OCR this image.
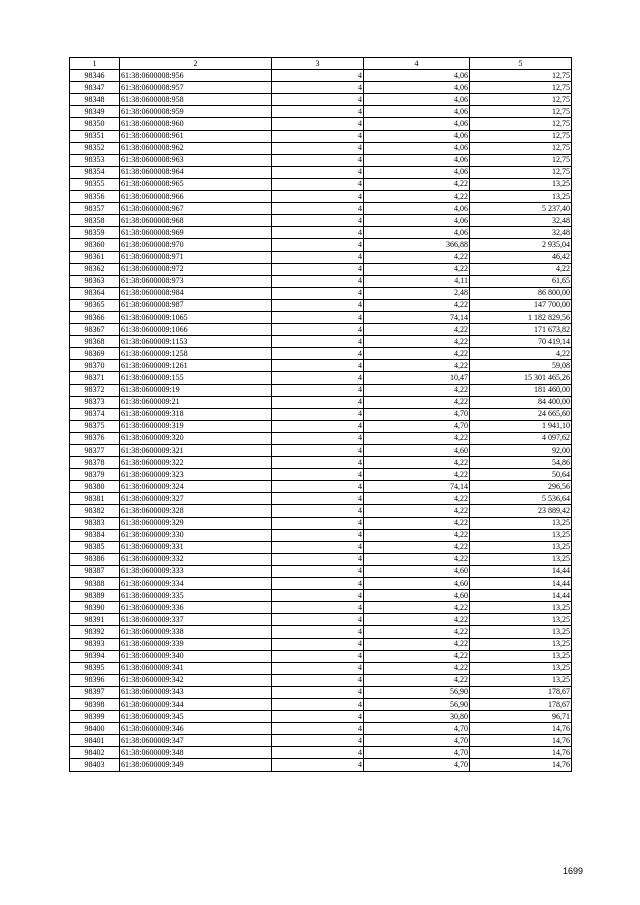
1	2	3	4	5
98346	61:38:0600008:956	4	4,06	12,75
98347	61:38:0600008:957	4	4,06	12,75
98348	61:38:0600008:958	4	4,06	12,75
98349	61:38:0600008:959	4	4,06	12,75
98350	61:38:0600008:960	4	4,06	12,75
98351	61:38:0600008:961	4	4,06	12,75
98352	61:38:0600008:962	4	4,06	12,75
98353	61:38:0600008:963	4	4,06	12,75
98354	61:38:0600008:964	4	4,06	12,75
98355	61:38:0600008:965	4	4,22	13,25
98356	61:38:0600008:966	4	4,22	13,25
98357	61:38:0600008:967	4	4,06	5 237,40
98358	61:38:0600008:968	4	4,06	32,48
98359	61:38:0600008:969	4	4,06	32,48
98360	61:38:0600008:970	4	366,88	2 935,04
98361	61:38:0600008:971	4	4,22	46,42
98362	61:38:0600008:972	4	4,22	4,22
98363	61:38:0600008:973	4	4,11	61,65
98364	61:38:0600008:984	4	2,48	86 800,00
98365	61:38:0600008:987	4	4,22	147 700,00
98366	61:38:0600009:1065	4	74,14	1 182 829,56
98367	61:38:0600009:1066	4	4,22	171 673,82
98368	61:38:0600009:1153	4	4,22	70 419,14
98369	61:38:0600009:1258	4	4,22	4,22
98370	61:38:0600009:1261	4	4,22	59,08
98371	61:38:0600009:155	4	10,47	15 301 465,26
98372	61:38:0600009:19	4	4,22	181 460,00
98373	61:38:0600009:21	4	4,22	84 400,00
98374	61:38:0600009:318	4	4,70	24 665,60
98375	61:38:0600009:319	4	4,70	1 941,10
98376	61:38:0600009:320	4	4,22	4 097,62
98377	61:38:0600009:321	4	4,60	92,00
98378	61:38:0600009:322	4	4,22	54,86
98379	61:38:0600009:323	4	4,22	50,64
98380	61:38:0600009:324	4	74,14	296,56
98381	61:38:0600009:327	4	4,22	5 536,64
98382	61:38:0600009:328	4	4,22	23 889,42
98383	61:38:0600009:329	4	4,22	13,25
98384	61:38:0600009:330	4	4,22	13,25
98385	61:38:0600009:331	4	4,22	13,25
98386	61:38:0600009:332	4	4,22	13,25
98387	61:38:0600009:333	4	4,60	14,44
98388	61:38:0600009:334	4	4,60	14,44
98389	61:38:0600009:335	4	4,60	14,44
98390	61:38:0600009:336	4	4,22	13,25
98391	61:38:0600009:337	4	4,22	13,25
98392	61:38:0600009:338	4	4,22	13,25
98393	61:38:0600009:339	4	4,22	13,25
98394	61:38:0600009:340	4	4,22	13,25
98395	61:38:0600009:341	4	4,22	13,25
98396	61:38:0600009:342	4	4,22	13,25
98397	61:38:0600009:343	4	56,90	178,67
98398	61:38:0600009:344	4	56,90	178,67
98399	61:38:0600009:345	4	30,80	96,71
98400	61:38:0600009:346	4	4,70	14,76
98401	61:38:0600009:347	4	4,70	14,76
98402	61:38:0600009:348	4	4,70	14,76
98403	61:38:0600009:349	4	4,70	14,76
1699
